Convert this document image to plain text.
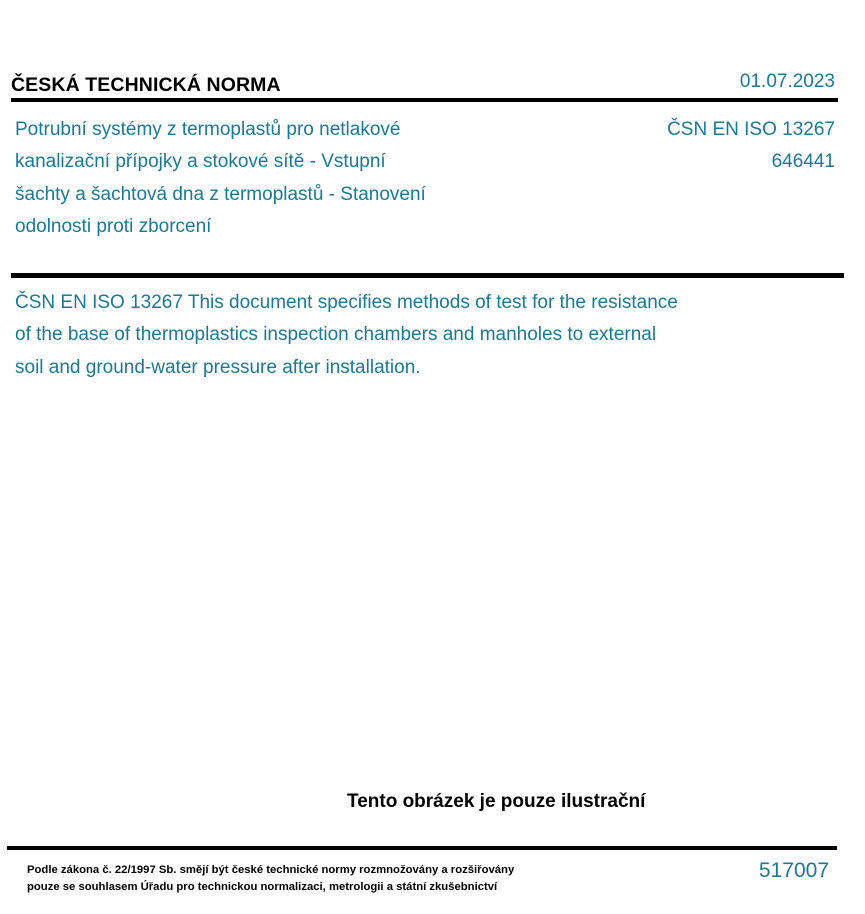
ČESKÁ TECHNICKÁ NORMA	01.07.2023
Potrubní systémy z termoplastů pro netlakové
kanalizační přípojky a stokové sítě - Vstupní
šachty a šachtová dna z termoplastů - Stanovení
odolnosti proti zborcení
ČSN EN ISO 13267
646441
ČSN EN ISO 13267 This document specifies methods of test for the resistance
of the base of thermoplastics inspection chambers and manholes to external
soil and ground-water pressure after installation.
Tento obrázek je pouze ilustrační
Podle zákona č. 22/1997 Sb. smějí být české technické normy rozmnožovány a rozšiřovány
pouze se souhlasem Úřadu pro technickou normalizaci, metrologii a státní zkušebnictví
517007
